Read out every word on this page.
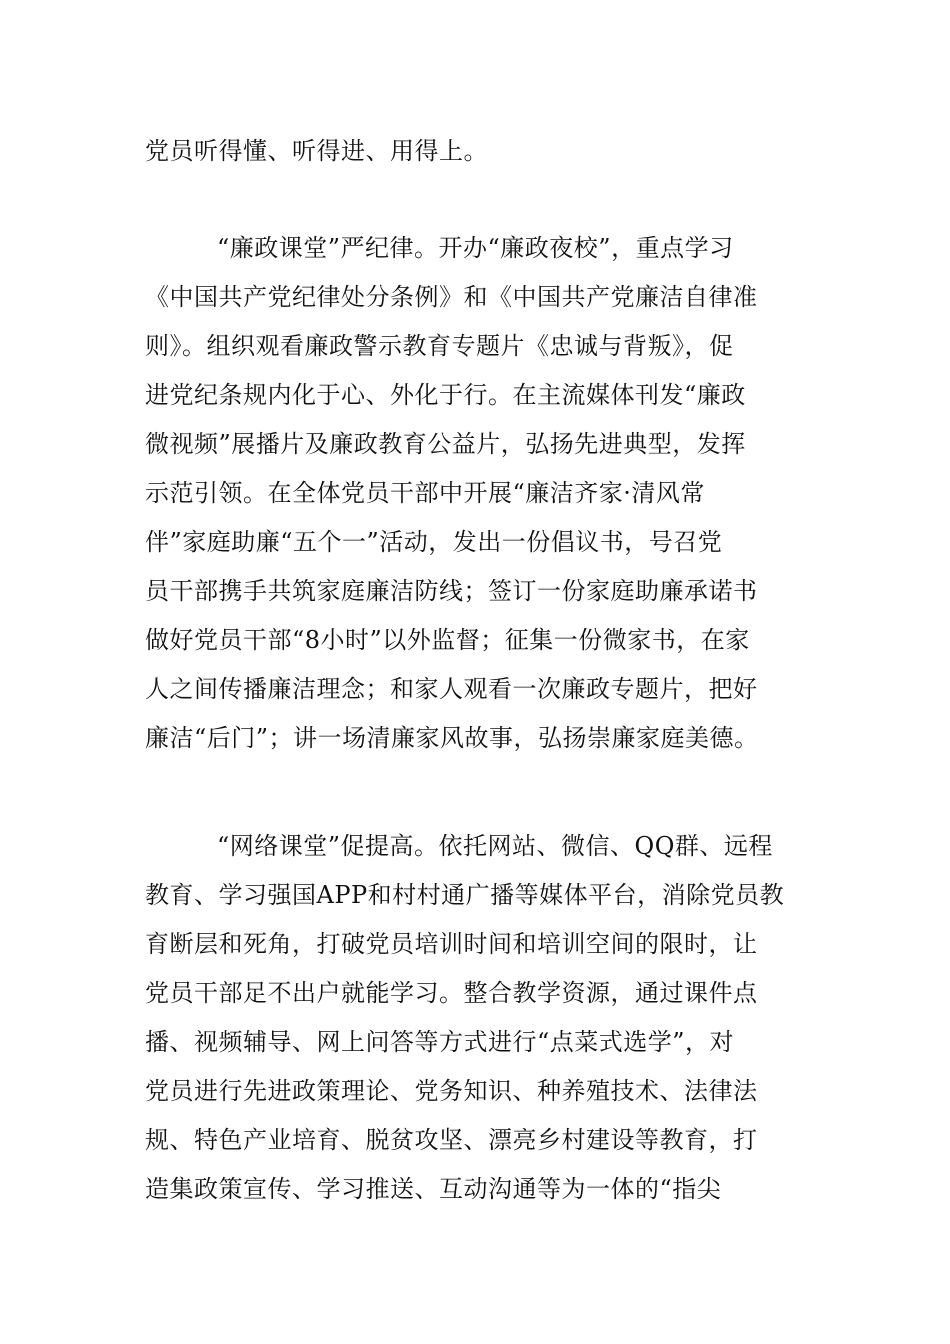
党员听得懂、听得进、用得上。
“廉政课堂”严纪律。开办“廉政夜校”，重点学习
《中国共产党纪律处分条例》和《中国共产党廉洁自律准
则》。组织观看廉政警示教育专题片《忠诚与背叛》，促
进党纪条规内化于心、外化于行。在主流媒体刊发“廉政
微视频”展播片及廉政教育公益片，弘扬先进典型，发挥
示范引领。在全体党员干部中开展“廉洁齐家·清风常
伴”家庭助廉“五个一”活动，发出一份倡议书，号召党
员干部携手共筑家庭廉洁防线；签订一份家庭助廉承诺书
做好党员干部“8小时”以外监督；征集一份微家书，在家
人之间传播廉洁理念；和家人观看一次廉政专题片，把好
廉洁“后门”；讲一场清廉家风故事，弘扬崇廉家庭美德。
“网络课堂”促提高。依托网站、微信、QQ群、远程
教育、学习强国APP和村村通广播等媒体平台，消除党员教
育断层和死角，打破党员培训时间和培训空间的限时，让
党员干部足不出户就能学习。整合教学资源，通过课件点
播、视频辅导、网上问答等方式进行“点菜式选学”，对
党员进行先进政策理论、党务知识、种养殖技术、法律法
规、特色产业培育、脱贫攻坚、漂亮乡村建设等教育，打
造集政策宣传、学习推送、互动沟通等为一体的“指尖
